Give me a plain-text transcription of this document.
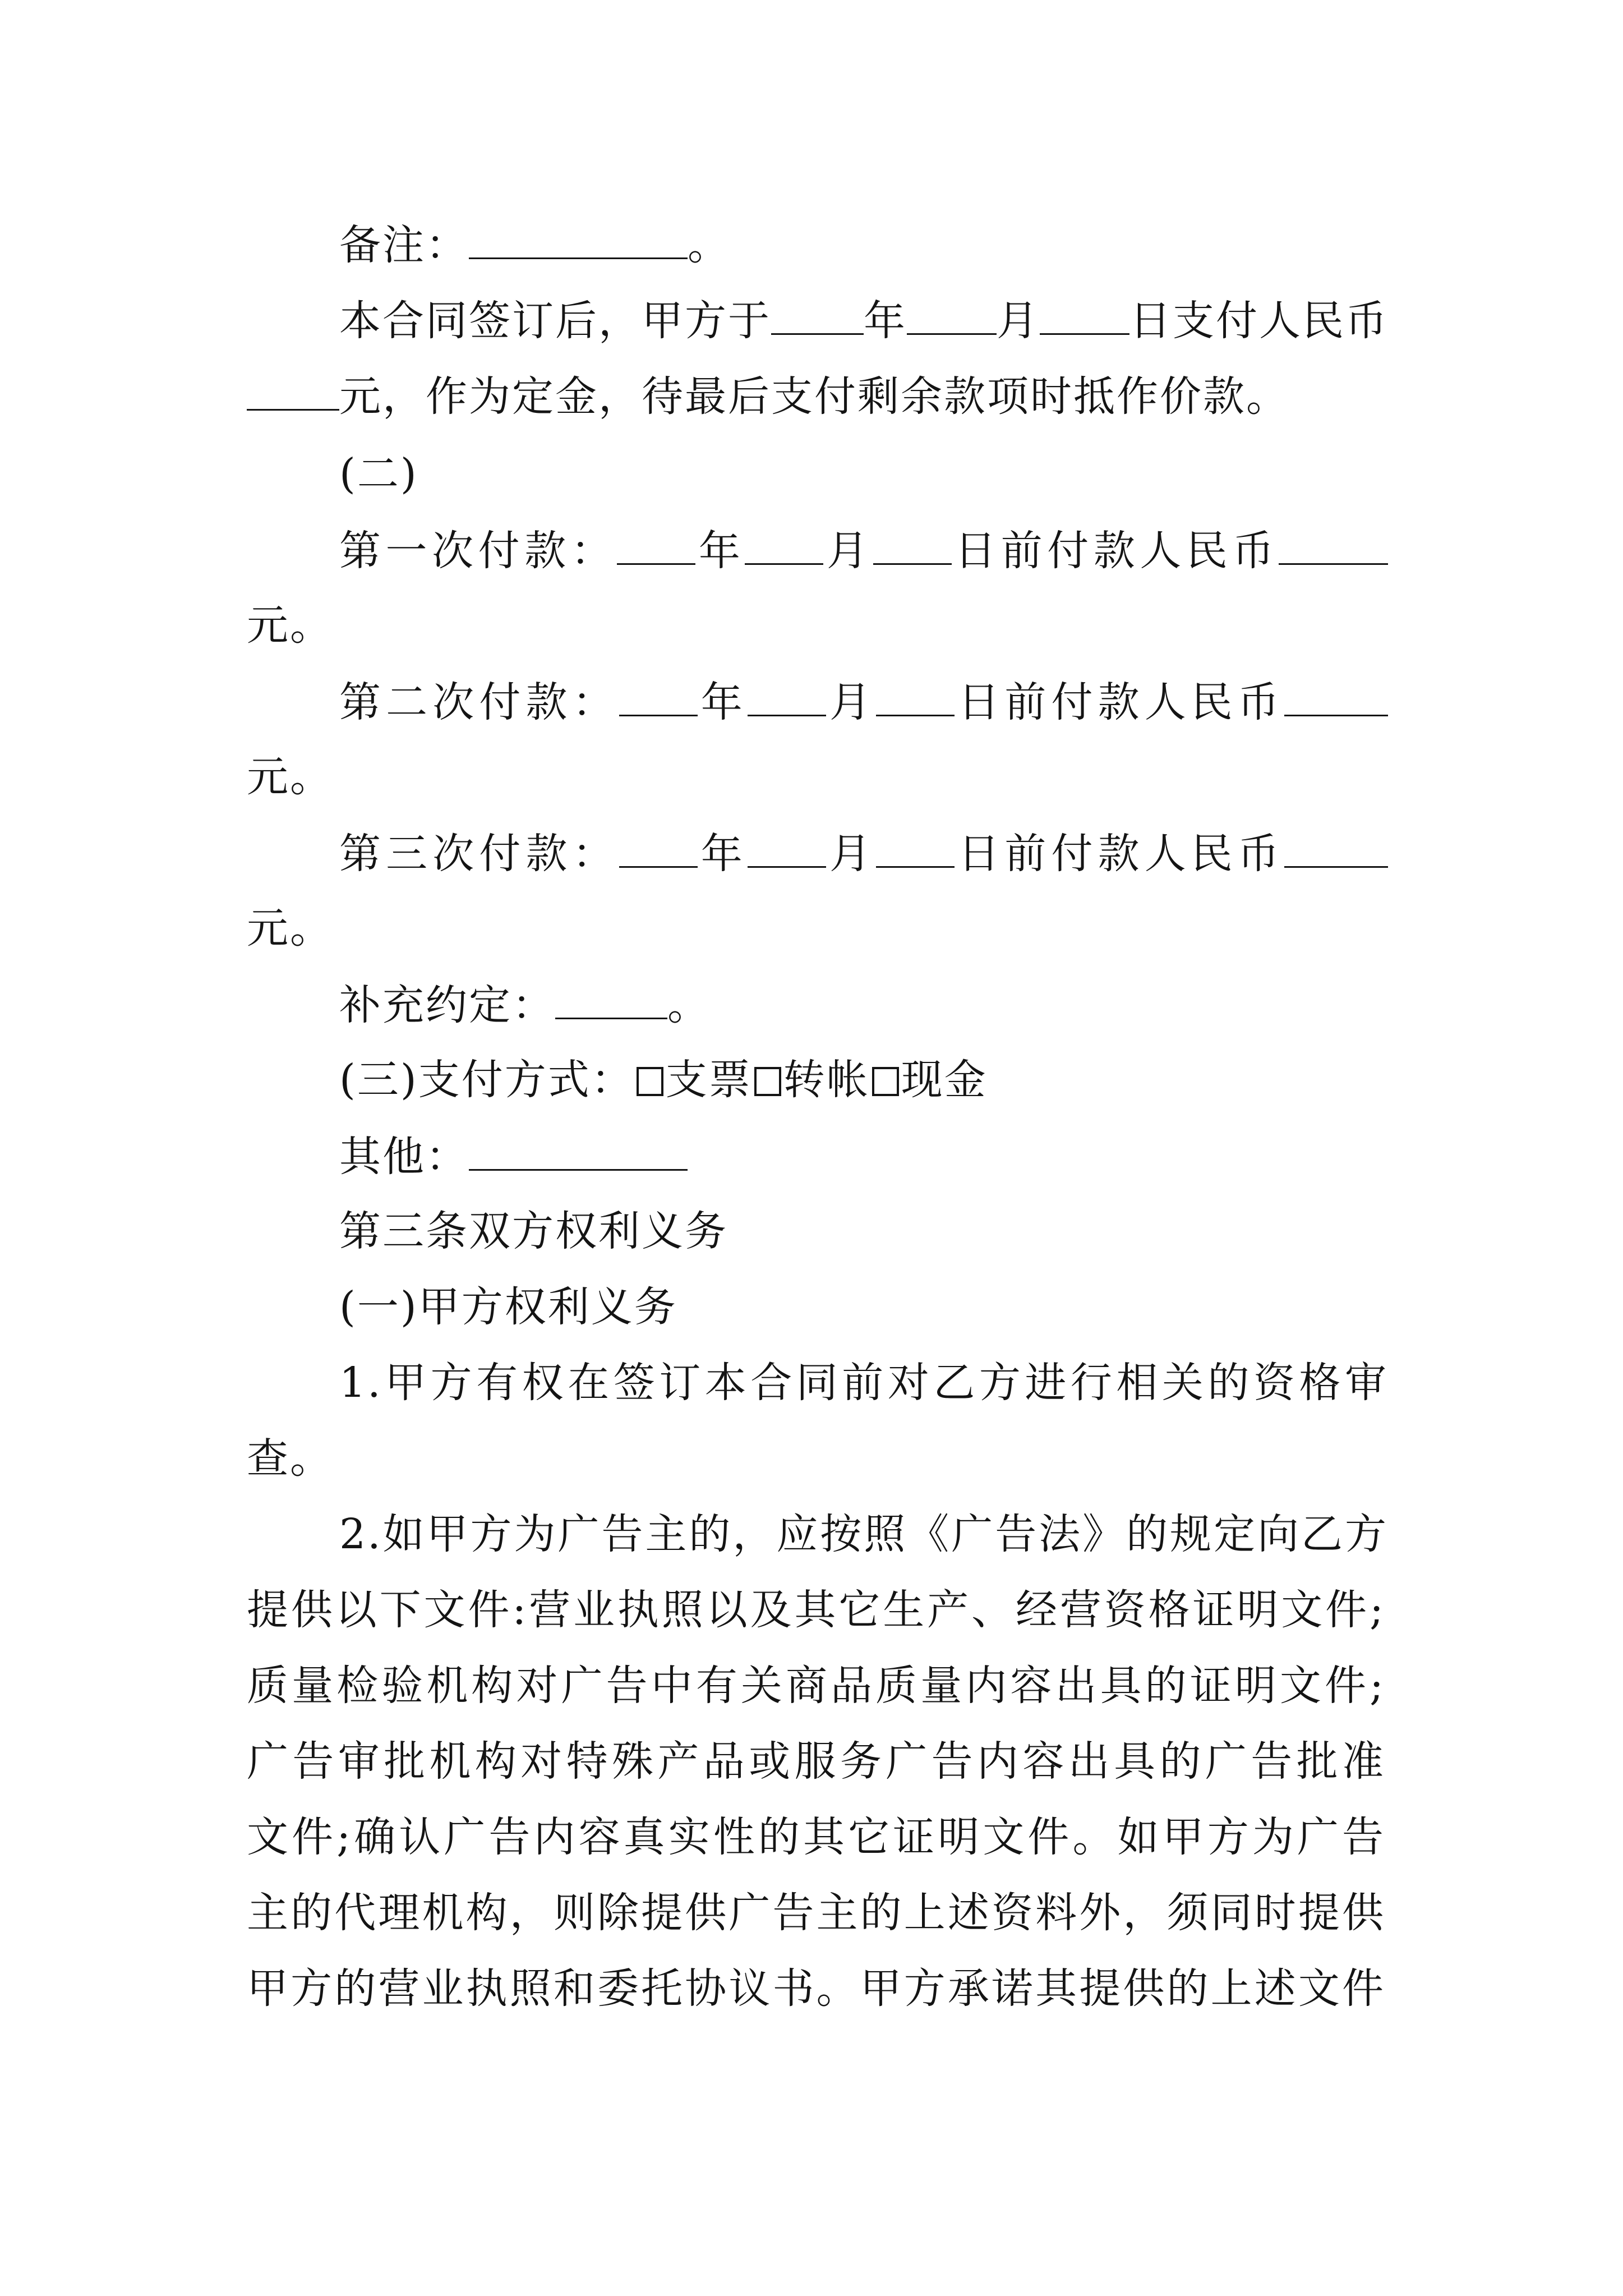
备注：	。
本合同签订后，甲方于 年 月 日支付人民币
元，作为定金，待最后支付剩余款项时抵作价款。
(二)
第一次付款： 年 月 日前付款人民币
元。
第二次付款： 年 月 日前付款人民币
元。
第三次付款： 年 月 日前付款人民币
元。
补充约定：	。
(三)支付方式： 支票 转帐 现金
其他：
第三条双方权利义务
(一)甲方权利义务
1.甲方有权在签订本合同前对乙方进行相关的资格审
查。
2.如甲方为广告主的，应按照《广告法》的规定向乙方
提供以下文件:营业执照以及其它生产、经营资格证明文件;
质量检验机构对广告中有关商品质量内容出具的证明文件;
广告审批机构对特殊产品或服务广告内容出具的广告批准
文件;确认广告内容真实性的其它证明文件。如甲方为广告
主的代理机构，则除提供广告主的上述资料外，须同时提供
甲方的营业执照和委托协议书。甲方承诺其提供的上述文件
